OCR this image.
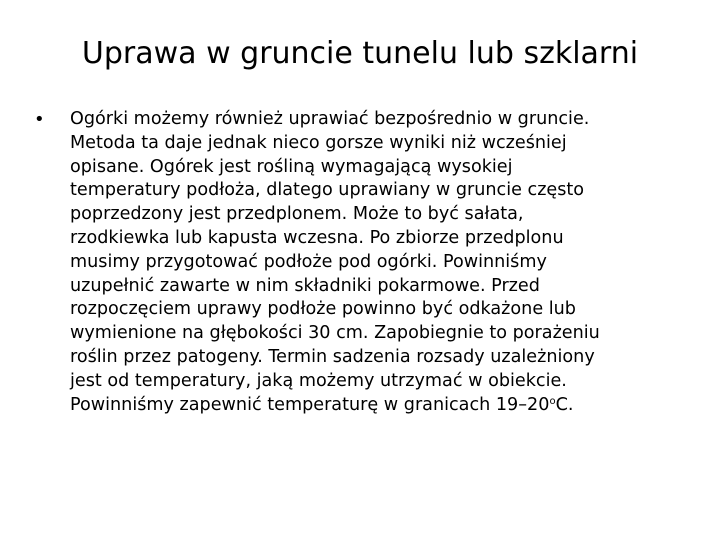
Uprawa w gruncie tunelu lub szklarni
• Ogórki możemy również uprawiać bezpośrednio w gruncie.
Metoda ta daje jednak nieco gorsze wyniki niż wcześniej
opisane. Ogórek jest rośliną wymagającą wysokiej
temperatury podłoża, dlatego uprawiany w gruncie często
poprzedzony jest przedplonem. Może to być sałata,
rzodkiewka lub kapusta wczesna. Po zbiorze przedplonu
musimy przygotować podłoże pod ogórki. Powinniśmy
uzupełnić zawarte w nim składniki pokarmowe. Przed
rozpoczęciem uprawy podłoże powinno być odkażone lub
wymienione na głębokości 30 cm. Zapobiegnie to porażeniu
roślin przez patogeny. Termin sadzenia rozsady uzależniony
jest od temperatury, jaką możemy utrzymać w obiekcie.
Powinniśmy zapewnić temperaturę w granicach 19–20$^o$C.
